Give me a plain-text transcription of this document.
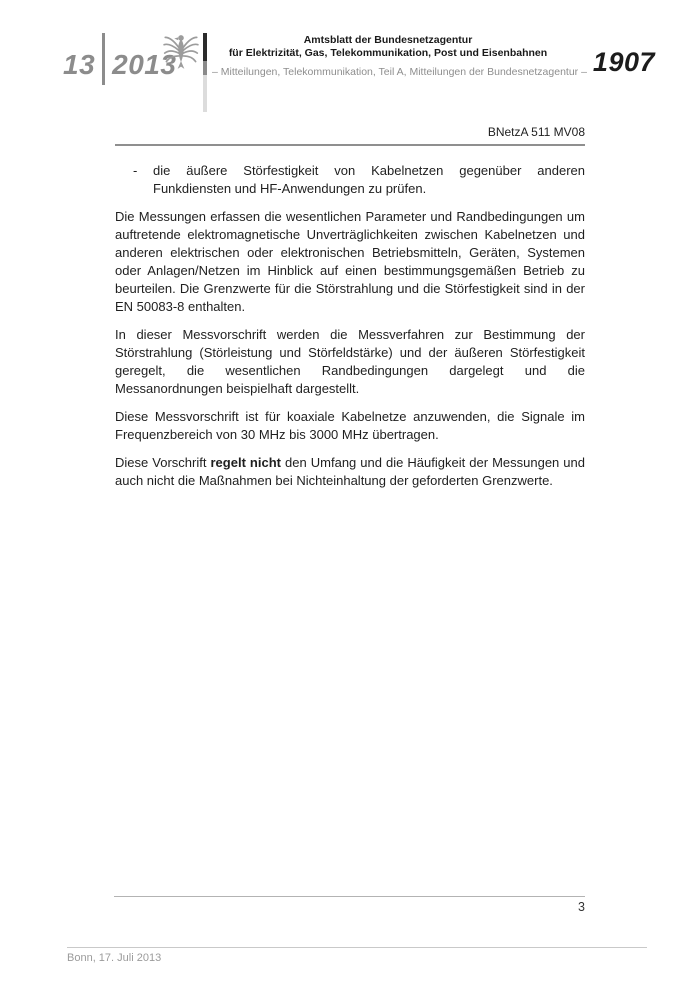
13 2013
Amtsblatt der Bundesnetzagentur
für Elektrizität, Gas, Telekommunikation, Post und Eisenbahnen
– Mitteilungen, Telekommunikation, Teil A, Mitteilungen der Bundesnetzagentur – 1907
BNetzA 511 MV08
- die äußere Störfestigkeit von Kabelnetzen gegenüber anderen Funkdiensten und HF-Anwendungen zu prüfen.

Die Messungen erfassen die wesentlichen Parameter und Randbedingungen um auftretende elektromagnetische Unverträglichkeiten zwischen Kabelnetzen und anderen elektrischen oder elektronischen Betriebsmitteln, Geräten, Systemen oder Anlagen/Netzen im Hinblick auf einen bestimmungsgemäßen Betrieb zu beurteilen. Die Grenzwerte für die Störstrahlung und die Störfestigkeit sind in der EN 50083-8 enthalten.

In dieser Messvorschrift werden die Messverfahren zur Bestimmung der Störstrahlung (Störleistung und Störfeldstärke) und der äußeren Störfestigkeit geregelt, die wesentlichen Randbedingungen dargelegt und die Messanordnungen beispielhaft dargestellt.

Diese Messvorschrift ist für koaxiale Kabelnetze anzuwenden, die Signale im Frequenzbereich von 30 MHz bis 3000 MHz übertragen.

Diese Vorschrift regelt nicht den Umfang und die Häufigkeit der Messungen und auch nicht die Maßnahmen bei Nichteinhaltung der geforderten Grenzwerte.

3
Bonn, 17. Juli 2013
